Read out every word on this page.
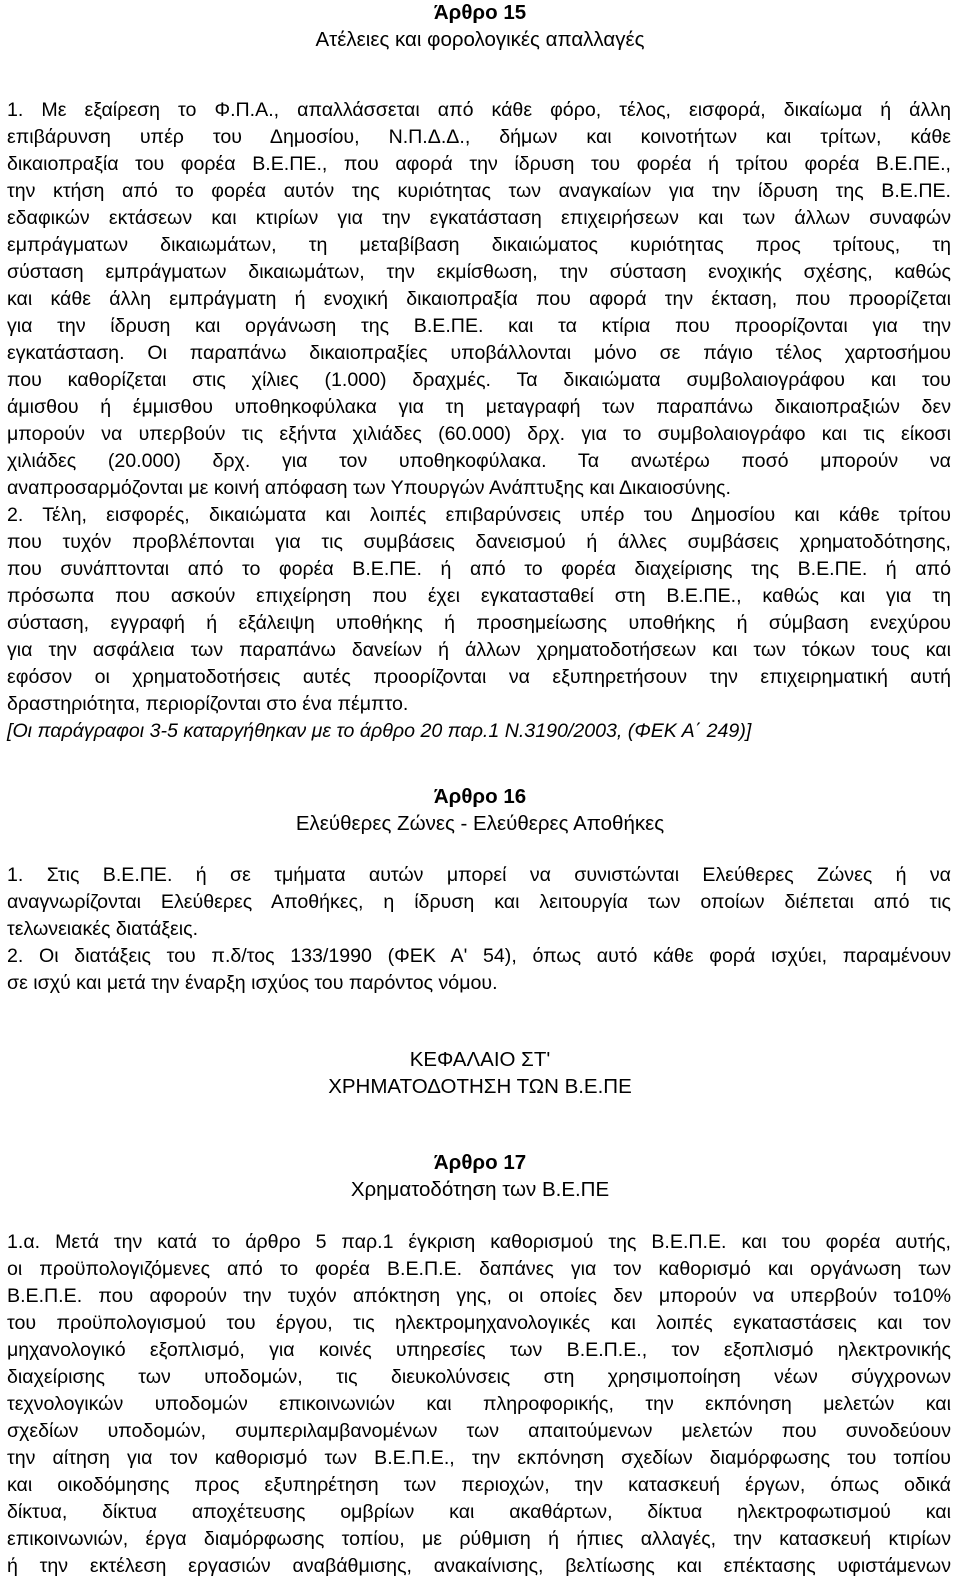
Άρθρο 15
Ατέλειες και φορολογικές απαλλαγές
1. Με εξαίρεση το Φ.Π.Α., απαλλάσσεται από κάθε φόρο, τέλος, εισφορά, δικαίωμα ή άλλη
επιβάρυνση υπέρ του Δημοσίου, Ν.Π.Δ.Δ., δήμων και κοινοτήτων και τρίτων, κάθε
δικαιοπραξία του φορέα Β.Ε.ΠΕ., που αφορά την ίδρυση του φορέα ή τρίτου φορέα Β.Ε.ΠΕ.,
την κτήση από το φορέα αυτόν της κυριότητας των αναγκαίων για την ίδρυση της Β.Ε.ΠΕ.
εδαφικών εκτάσεων και κτιρίων για την εγκατάσταση επιχειρήσεων και των άλλων συναφών
εμπράγματων δικαιωμάτων, τη μεταβίβαση δικαιώματος κυριότητας προς τρίτους, τη
σύσταση εμπράγματων δικαιωμάτων, την εκμίσθωση, την σύσταση ενοχικής σχέσης, καθώς
και κάθε άλλη εμπράγματη ή ενοχική δικαιοπραξία που αφορά την έκταση, που προορίζεται
για την ίδρυση και οργάνωση της Β.Ε.ΠΕ. και τα κτίρια που προορίζονται για την
εγκατάσταση. Οι παραπάνω δικαιοπραξίες υποβάλλονται μόνο σε πάγιο τέλος χαρτοσήμου
που καθορίζεται στις χίλιες (1.000) δραχμές. Τα δικαιώματα συμβολαιογράφου και του
άμισθου ή έμμισθου υποθηκοφύλακα για τη μεταγραφή των παραπάνω δικαιοπραξιών δεν
μπορούν να υπερβούν τις εξήντα χιλιάδες (60.000) δρχ. για το συμβολαιογράφο και τις είκοσι
χιλιάδες (20.000) δρχ. για τον υποθηκοφύλακα. Τα ανωτέρω ποσό μπορούν να
αναπροσαρμόζονται με κοινή απόφαση των Υπουργών Ανάπτυξης και Δικαιοσύνης.
2. Τέλη, εισφορές, δικαιώματα και λοιπές επιβαρύνσεις υπέρ του Δημοσίου και κάθε τρίτου
που τυχόν προβλέπονται για τις συμβάσεις δανεισμού ή άλλες συμβάσεις χρηματοδότησης,
που συνάπτονται από το φορέα Β.Ε.ΠΕ. ή από το φορέα διαχείρισης της Β.Ε.ΠΕ. ή από
πρόσωπα που ασκούν επιχείρηση που έχει εγκατασταθεί στη Β.Ε.ΠΕ., καθώς και για τη
σύσταση, εγγραφή ή εξάλειψη υποθήκης ή προσημείωσης υποθήκης ή σύμβαση ενεχύρου
για την ασφάλεια των παραπάνω δανείων ή άλλων χρηματοδοτήσεων και των τόκων τους και
εφόσον οι χρηματοδοτήσεις αυτές προορίζονται να εξυπηρετήσουν την επιχειρηματική αυτή
δραστηριότητα, περιορίζονται στο ένα πέμπτο.
[Οι παράγραφοι 3-5 καταργήθηκαν με το άρθρο 20 παρ.1 Ν.3190/2003, (ΦΕΚ Α΄ 249)]
Άρθρο 16
Ελεύθερες Ζώνες - Ελεύθερες Αποθήκες
1. Στις Β.Ε.ΠΕ. ή σε τμήματα αυτών μπορεί να συνιστώνται Ελεύθερες Ζώνες ή να
αναγνωρίζονται Ελεύθερες Αποθήκες, η ίδρυση και λειτουργία των οποίων διέπεται από τις
τελωνειακές διατάξεις.
2. Οι διατάξεις του π.δ/τος 133/1990 (ΦΕΚ Α' 54), όπως αυτό κάθε φορά ισχύει, παραμένουν
σε ισχύ και μετά την έναρξη ισχύος του παρόντος νόμου.
ΚΕΦΑΛΑΙΟ ΣΤ'
ΧΡΗΜΑΤΟΔΟΤΗΣΗ ΤΩΝ Β.Ε.ΠΕ
Άρθρο 17
Χρηματοδότηση των Β.Ε.ΠΕ
1.α. Μετά την κατά το άρθρο 5 παρ.1 έγκριση καθορισμού της Β.Ε.Π.Ε. και του φορέα αυτής,
οι προϋπολογιζόμενες από το φορέα Β.Ε.Π.Ε. δαπάνες για τον καθορισμό και οργάνωση των
Β.Ε.Π.Ε. που αφορούν την τυχόν απόκτηση γης, οι οποίες δεν μπορούν να υπερβούν το10%
του προϋπολογισμού του έργου, τις ηλεκτρομηχανολογικές και λοιπές εγκαταστάσεις και τον
μηχανολογικό εξοπλισμό, για κοινές υπηρεσίες των Β.Ε.Π.Ε., τον εξοπλισμό ηλεκτρονικής
διαχείρισης των υποδομών, τις διευκολύνσεις στη χρησιμοποίηση νέων σύγχρονων
τεχνολογικών υποδομών επικοινωνιών και πληροφορικής, την εκπόνηση μελετών και
σχεδίων υποδομών, συμπεριλαμβανομένων των απαιτούμενων μελετών που συνοδεύουν
την αίτηση για τον καθορισμό των Β.Ε.Π.Ε., την εκπόνηση σχεδίων διαμόρφωσης του τοπίου
και οικοδόμησης προς εξυπηρέτηση των περιοχών, την κατασκευή έργων, όπως οδικά
δίκτυα, δίκτυα αποχέτευσης ομβρίων και ακαθάρτων, δίκτυα ηλεκτροφωτισμού και
επικοινωνιών, έργα διαμόρφωσης τοπίου, με ρύθμιση ή ήπιες αλλαγές, την κατασκευή κτιρίων
ή την εκτέλεση εργασιών αναβάθμισης, ανακαίνισης, βελτίωσης και επέκτασης υφιστάμενων
